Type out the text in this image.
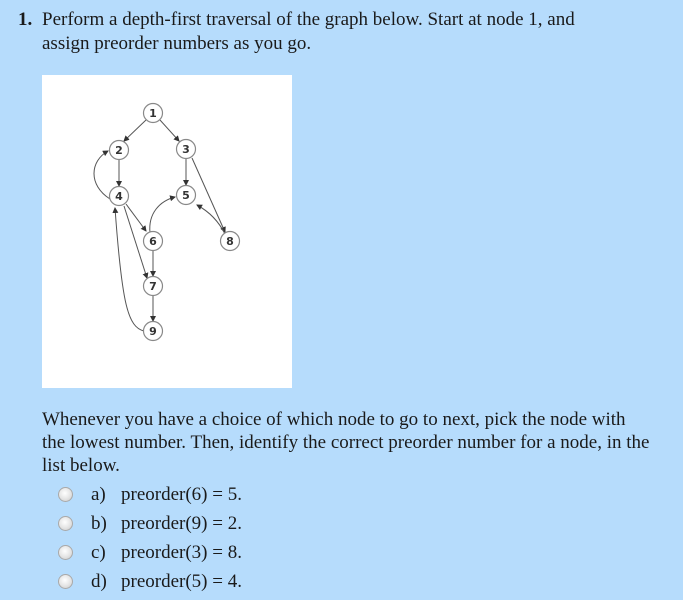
1. Perform a depth-first traversal of the graph below. Start at node 1, and
assign preorder numbers as you go.
1
2	3
4	5
6
7
8
9
Whenever you have a choice of which node to go to next, pick the node with the lowest number. Then, identify the correct preorder number for a node, in the list below.
a) preorder(6) = 5.
b) preorder(9) = 2.
c) preorder(3) = 8.
d) preorder(5) = 4.
